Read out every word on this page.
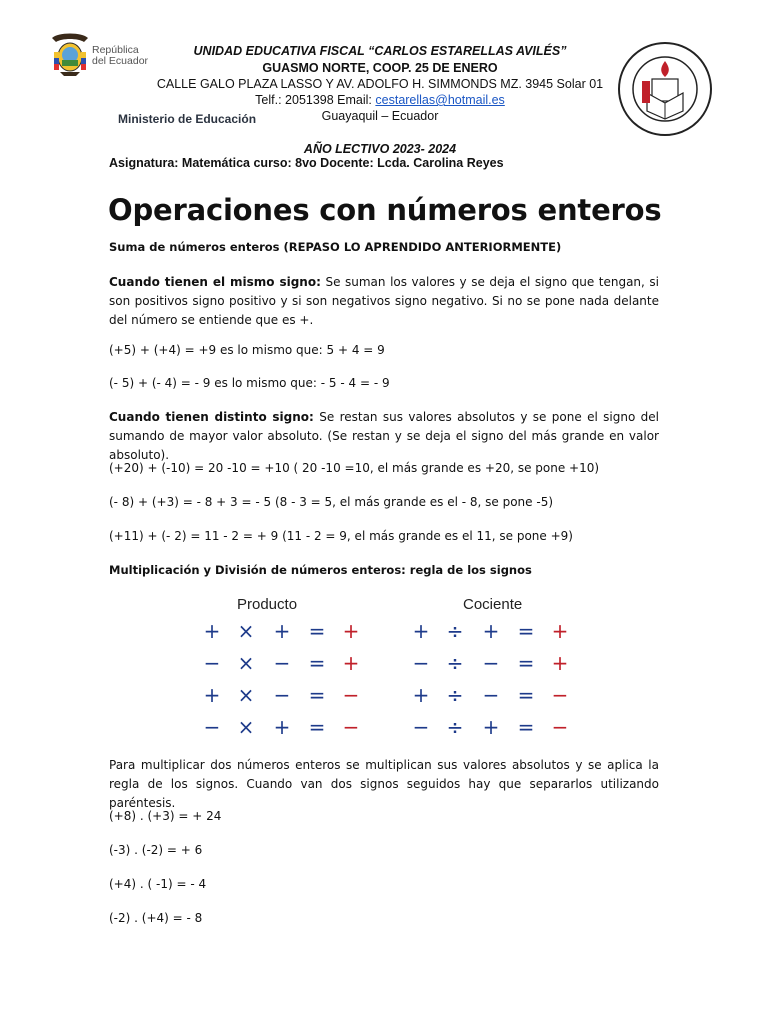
República
del Ecuador
Ministerio de Educación
UNIDAD EDUCATIVA FISCAL “CARLOS ESTARELLAS AVILÉS”
GUASMO NORTE, COOP. 25 DE ENERO
CALLE GALO PLAZA LASSO Y AV. ADOLFO H. SIMMONDS MZ. 3945 Solar 01
Telf.: 2051398 Email: cestarellas@hotmail.es
Guayaquil – Ecuador
AÑO LECTIVO 2023- 2024
Asignatura: Matemática curso: 8vo Docente: Lcda. Carolina Reyes
Operaciones con números enteros
Suma de números enteros (REPASO LO APRENDIDO ANTERIORMENTE)
Cuando tienen el mismo signo: Se suman los valores y se deja el signo que tengan, si son positivos signo positivo y si son negativos signo negativo. Si no se pone nada delante del número se entiende que es +.
(+5) + (+4) = +9 es lo mismo que: 5 + 4 = 9
(- 5) + (- 4) = - 9 es lo mismo que: - 5 - 4 = - 9
Cuando tienen distinto signo: Se restan sus valores absolutos y se pone el signo del sumando de mayor valor absoluto. (Se restan y se deja el signo del más grande en valor absoluto).
(+20) + (-10) = 20 -10 = +10 ( 20 -10 =10, el más grande es +20, se pone +10)
(- 8) + (+3) = - 8 + 3 = - 5 (8 - 3 = 5, el más grande es el - 8, se pone -5)
(+11) + (- 2) = 11 - 2 = + 9 (11 - 2 = 9, el más grande es el 11, se pone +9)
Multiplicación y División de números enteros: regla de los signos
Producto	Cociente
+ × + = +
− × − = +
+ × − = −
− × + = −
+ ÷ + = +
− ÷ − = +
+ ÷ − = −
− ÷ + = −
Para multiplicar dos números enteros se multiplican sus valores absolutos y se aplica la regla de los signos. Cuando van dos signos seguidos hay que separarlos utilizando paréntesis.
(+8) . (+3) = + 24
(-3) . (-2) = + 6
(+4) . ( -1) = - 4
(-2) . (+4) = - 8
